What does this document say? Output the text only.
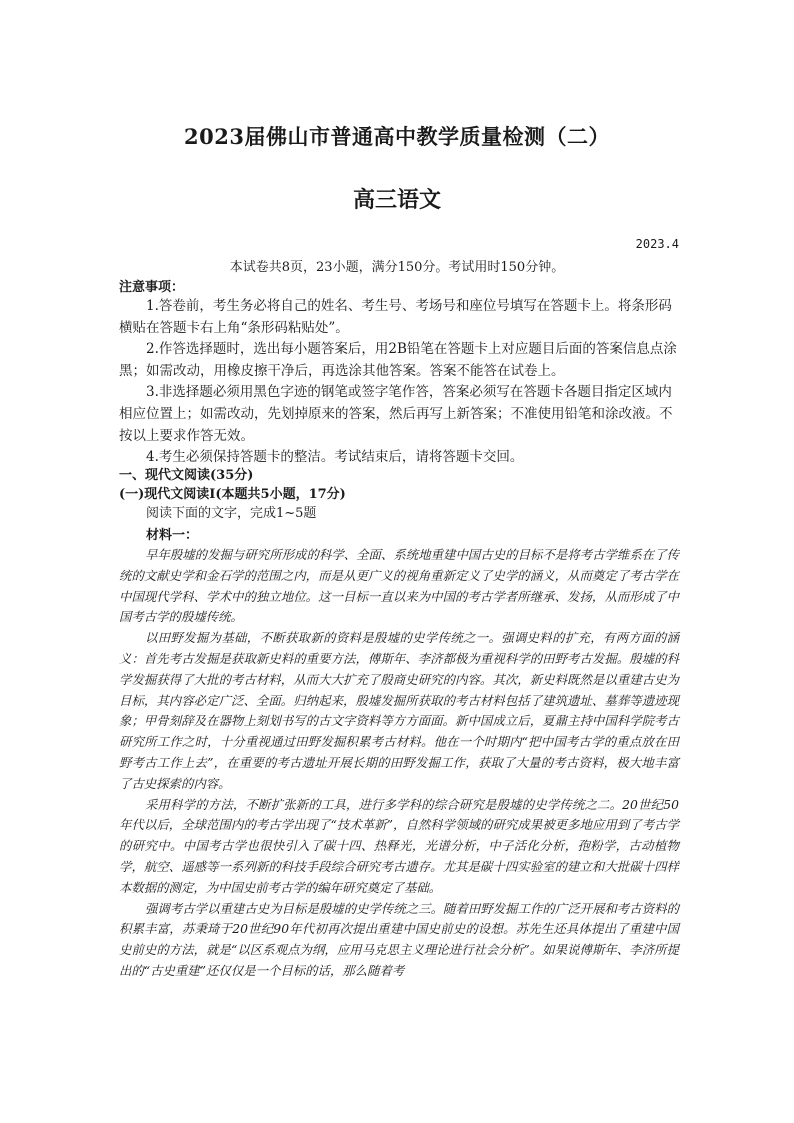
2023届佛山市普通高中教学质量检测（二）
高三语文
2023.4
本试卷共8页，23小题，满分150分。考试用时150分钟。
注意事项：

1.答卷前，考生务必将自己的姓名、考生号、考场号和座位号填写在答题卡上。将条形码横贴在答题卡右上角“条形码粘贴处”。

2.作答选择题时，选出每小题答案后，用2B铅笔在答题卡上对应题目后面的答案信息点涂黑；如需改动，用橡皮擦干净后，再选涂其他答案。答案不能答在试卷上。

3.非选择题必须用黑色字迹的钢笔或签字笔作答，答案必须写在答题卡各题目指定区域内相应位置上；如需改动，先划掉原来的答案，然后再写上新答案；不准使用铅笔和涂改液。不按以上要求作答无效。

4.考生必须保持答题卡的整洁。考试结束后，请将答题卡交回。

一、现代文阅读(35分)
(一)现代文阅读Ⅰ(本题共5小题，17分)
阅读下面的文字，完成1~5题
材料一：

早年殷墟的发掘与研究所形成的科学、全面、系统地重建中国古史的目标不是将考古学维系在了传统的文献史学和金石学的范围之内，而是从更广义的视角重新定义了史学的涵义，从而奠定了考古学在中国现代学科、学术中的独立地位。这一目标一直以来为中国的考古学者所继承、发扬，从而形成了中国考古学的殷墟传统。

以田野发掘为基础，不断获取新的资料是殷墟的史学传统之一。强调史料的扩充，有两方面的涵义：首先考古发掘是获取新史料的重要方法，傅斯年、李济都极为重视科学的田野考古发掘。殷墟的科学发掘获得了大批的考古材料，从而大大扩充了殷商史研究的内容。其次，新史料既然是以重建古史为目标，其内容必定广泛、全面。归纳起来，殷墟发掘所获取的考古材料包括了建筑遗址、墓葬等遗迹现象；甲骨刻辞及在器物上刻划书写的古文字资料等方方面面。新中国成立后，夏鼐主持中国科学院考古研究所工作之时，十分重视通过田野发掘积累考古材料。他在一个时期内“把中国考古学的重点放在田野考古工作上去”，在重要的考古遗址开展长期的田野发掘工作，获取了大量的考古资料，极大地丰富了古史探索的内容。

采用科学的方法，不断扩张新的工具，进行多学科的综合研究是殷墟的史学传统之二。20世纪50年代以后，全球范围内的考古学出现了“技术革新”，自然科学领域的研究成果被更多地应用到了考古学的研究中。中国考古学也很快引入了碳十四、热释光，光谱分析，中子活化分析，孢粉学，古动植物学，航空、遥感等一系列新的科技手段综合研究考古遗存。尤其是碳十四实验室的建立和大批碳十四样本数据的测定，为中国史前考古学的编年研究奠定了基础。

强调考古学以重建古史为目标是殷墟的史学传统之三。随着田野发掘工作的广泛开展和考古资料的积累丰富，苏秉琦于20世纪90年代初再次提出重建中国史前史的设想。苏先生还具体提出了重建中国史前史的方法，就是“以区系观点为纲，应用马克思主义理论进行社会分析”。如果说傅斯年、李济所提出的“古史重建”还仅仅是一个目标的话，那么随着考
